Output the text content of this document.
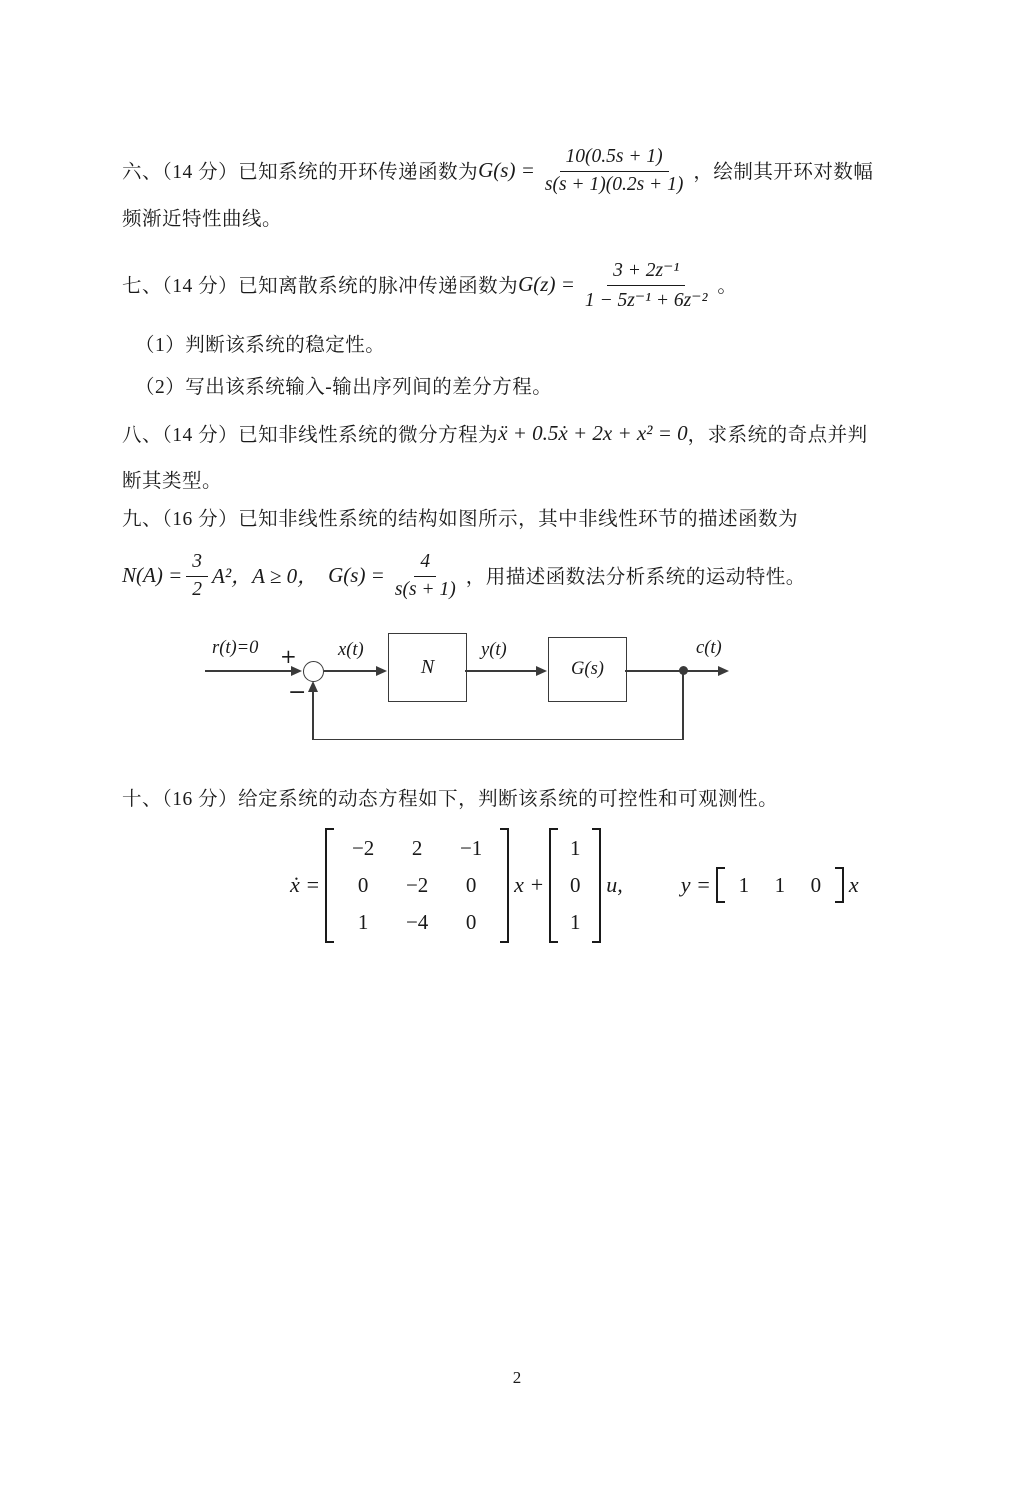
六、（14 分）已知系统的开环传递函数为 $G(s) = \frac{10(0.5s + 1)}{s(s + 1)(0.2s + 1)}$ ，绘制其开环对数幅
频渐近特性曲线。
七、（14 分）已知离散系统的脉冲传递函数为 $G(z) = \frac{\text{3 + 2z⁻¹}}{\text{1 − 5z⁻¹ + 6z⁻²}}$ 。
（1）判断该系统的稳定性。
（2）写出该系统输入-输出序列间的差分方程。
八、（14 分）已知非线性系统的微分方程为 ẍ + 0.5ẋ + 2x + x² = 0 ，求系统的奇点并判
断其类型。
九、（16 分）已知非线性系统的结构如图所示，其中非线性环节的描述函数为
$N(A) = \frac{3}{2} A^2$，A ≥ 0， $G(s) = \frac{4}{s(s + 1)}$ ，用描述函数法分析系统的运动特性。
r(t)=0 + x(t)
N
y(t)
G(s)
c(t)
−
十、（16 分）给定系统的动态方程如下，判断该系统的可控性和可观测性。
ẋ =
−2	2	−1
0	−2	0
1	−4	0
x +
1
0
1
u,	y = 1 1 0 x
2
